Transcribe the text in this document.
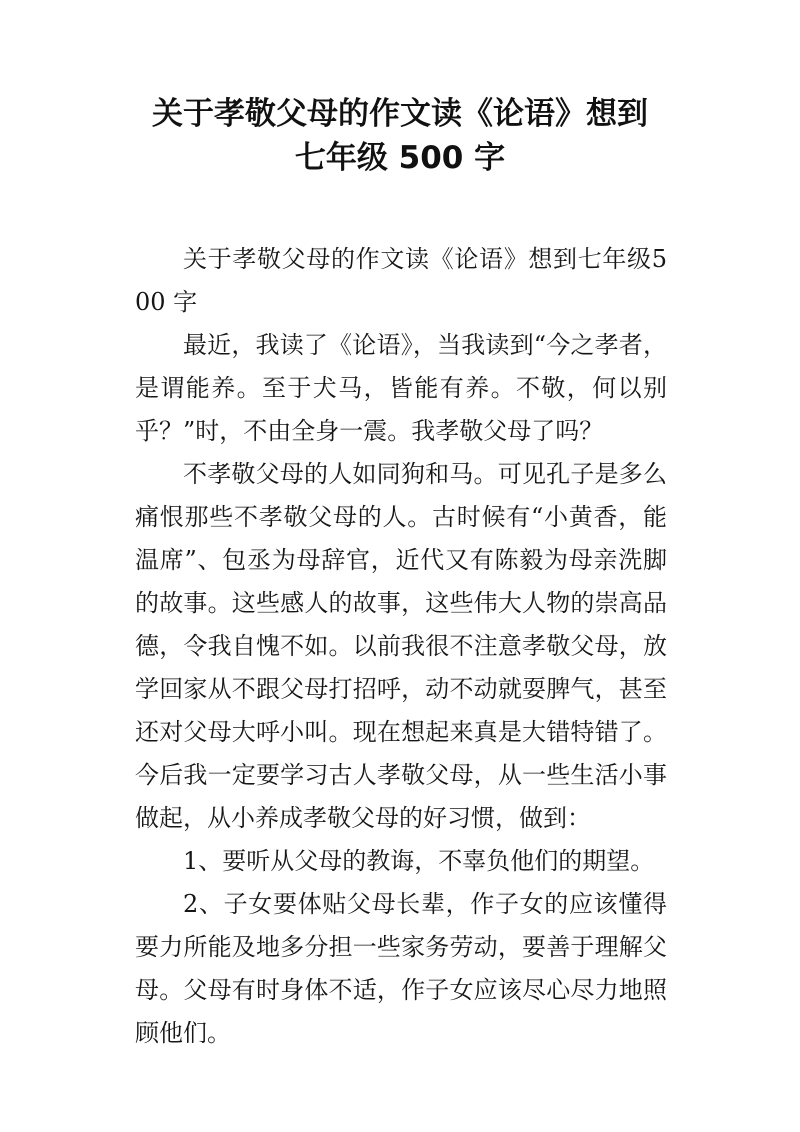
关于孝敬父母的作文读《论语》想到
七年级 500 字

关于孝敬父母的作文读《论语》想到七年级500 字

最近，我读了《论语》，当我读到“今之孝者，是谓能养。至于犬马，皆能有养。不敬，何以别乎？”时，不由全身一震。我孝敬父母了吗？

不孝敬父母的人如同狗和马。可见孔子是多么痛恨那些不孝敬父母的人。古时候有“小黄香，能温席”、包丞为母辞官，近代又有陈毅为母亲洗脚的故事。这些感人的故事，这些伟大人物的崇高品德，令我自愧不如。以前我很不注意孝敬父母，放学回家从不跟父母打招呼，动不动就耍脾气，甚至还对父母大呼小叫。现在想起来真是大错特错了。今后我一定要学习古人孝敬父母，从一些生活小事做起，从小养成孝敬父母的好习惯，做到：

1、要听从父母的教诲，不辜负他们的期望。

2、子女要体贴父母长辈，作子女的应该懂得要力所能及地多分担一些家务劳动，要善于理解父母。父母有时身体不适，作子女应该尽心尽力地照顾他们。
